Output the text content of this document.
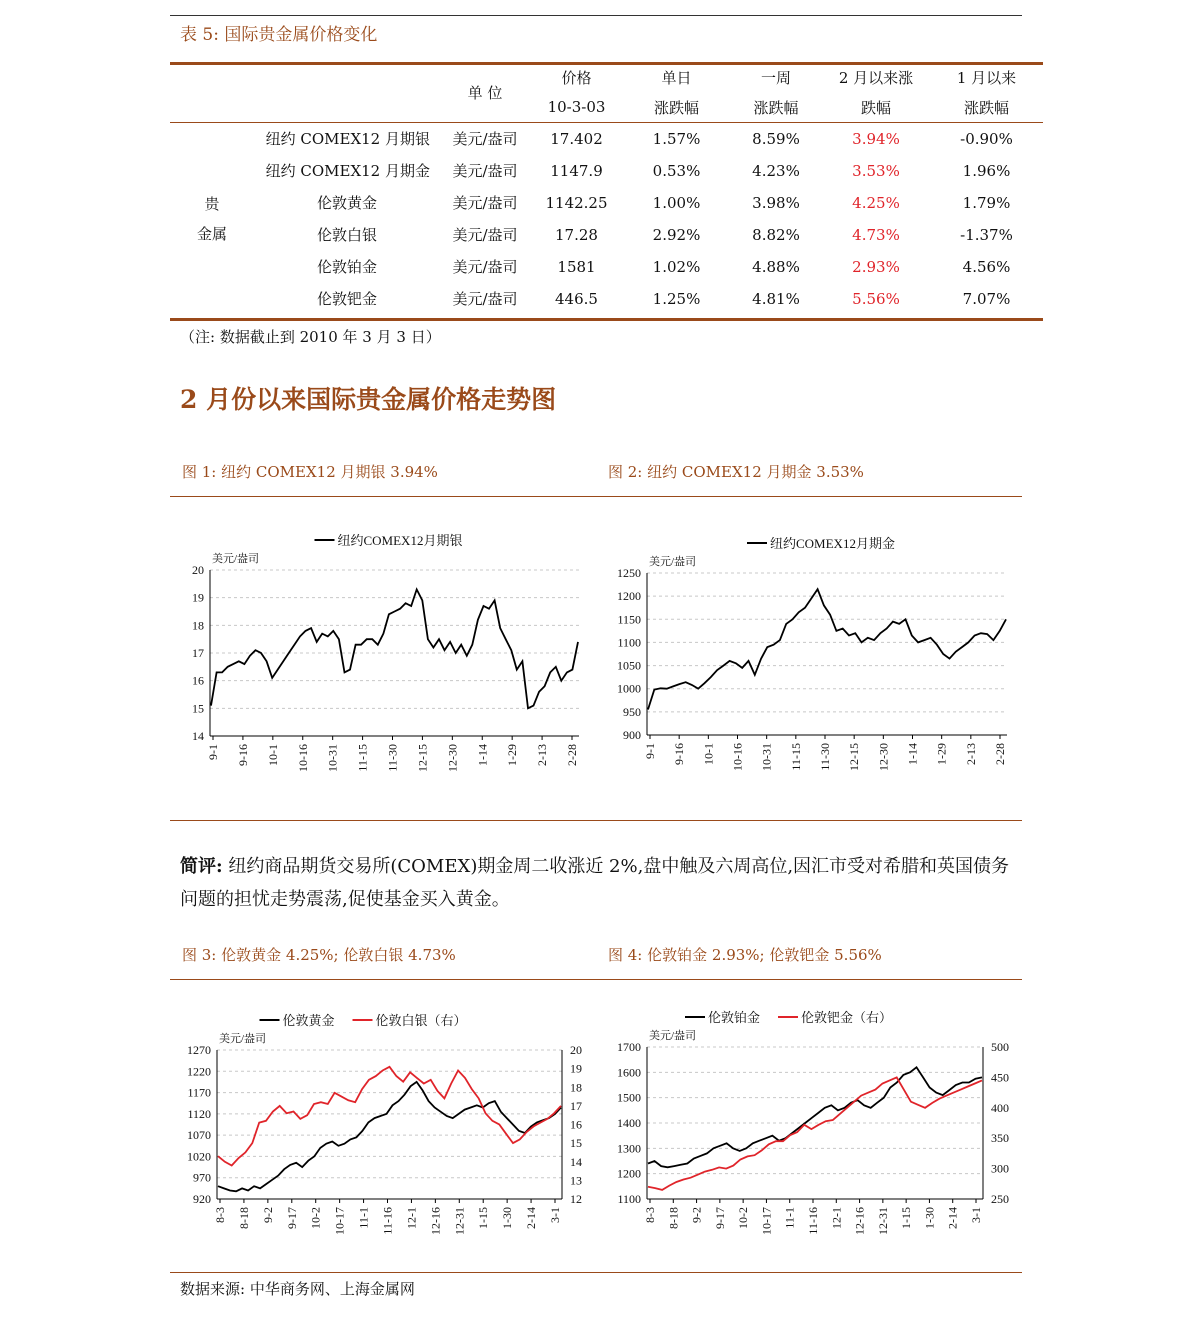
表 5: 国际贵金属价格变化
		单 位	价格	单日	一周	2 月以来涨	1 月以来
			10-3-03	涨跌幅	涨跌幅	跌幅	涨跌幅

贵
金属	纽约 COMEX12 月期银	美元/盎司	17.402	1.57%	8.59%	3.94%	-0.90%
	纽约 COMEX12 月期金	美元/盎司	1147.9	0.53%	4.23%	3.53%	1.96%
	伦敦黄金	美元/盎司	1142.25	1.00%	3.98%	4.25%	1.79%
	伦敦白银	美元/盎司	17.28	2.92%	8.82%	4.73%	-1.37%
	伦敦铂金	美元/盎司	1581	1.02%	4.88%	2.93%	4.56%
	伦敦钯金	美元/盎司	446.5	1.25%	4.81%	5.56%	7.07%
（注: 数据截止到 2010 年 3 月 3 日）
2 月份以来国际贵金属价格走势图
图 1: 纽约 COMEX12 月期银 3.94%	图 2: 纽约 COMEX12 月期金 3.53%
14
15
16
17
18
19
20
美元/盎司
9-1 9-16 10-1 10-16 10-31 11-15 11-30 12-15 12-30 1-14 1-29 2-13 2-28
纽约COMEX12月期银
900
950
1000
1050
1100
1150
1200
1250
美元/盎司
9-1 9-16 10-1 10-16 10-31 11-15 11-30 12-15 12-30 1-14 1-29 2-13 2-28
纽约COMEX12月期金
简评: 纽约商品期货交易所(COMEX)期金周二收涨近 2%,盘中触及六周高位,因汇市受对希腊和英国债务问题的担忧走势震荡,促使基金买入黄金。
图 3: 伦敦黄金 4.25%; 伦敦白银 4.73%	图 4: 伦敦铂金 2.93%; 伦敦钯金 5.56%
920
970
1020
1070
1120
1170
1220
1270
12
13
14
15
16
17
18
19
20
美元/盎司
8-3 8-18 9-2 9-17 10-2 10-17 11-1 11-16 12-1 12-16 12-31 1-15 1-30 2-14 3-1
伦敦黄金	伦敦白银（右）
1100
1200
1300
1400
1500
1600
1700
250
300
350
400
450
500
美元/盎司
8-3 8-18 9-2 9-17 10-2 10-17 11-1 11-16 12-1 12-16 12-31 1-15 1-30 2-14 3-1
伦敦铂金	伦敦钯金（右）
数据来源: 中华商务网、上海金属网
